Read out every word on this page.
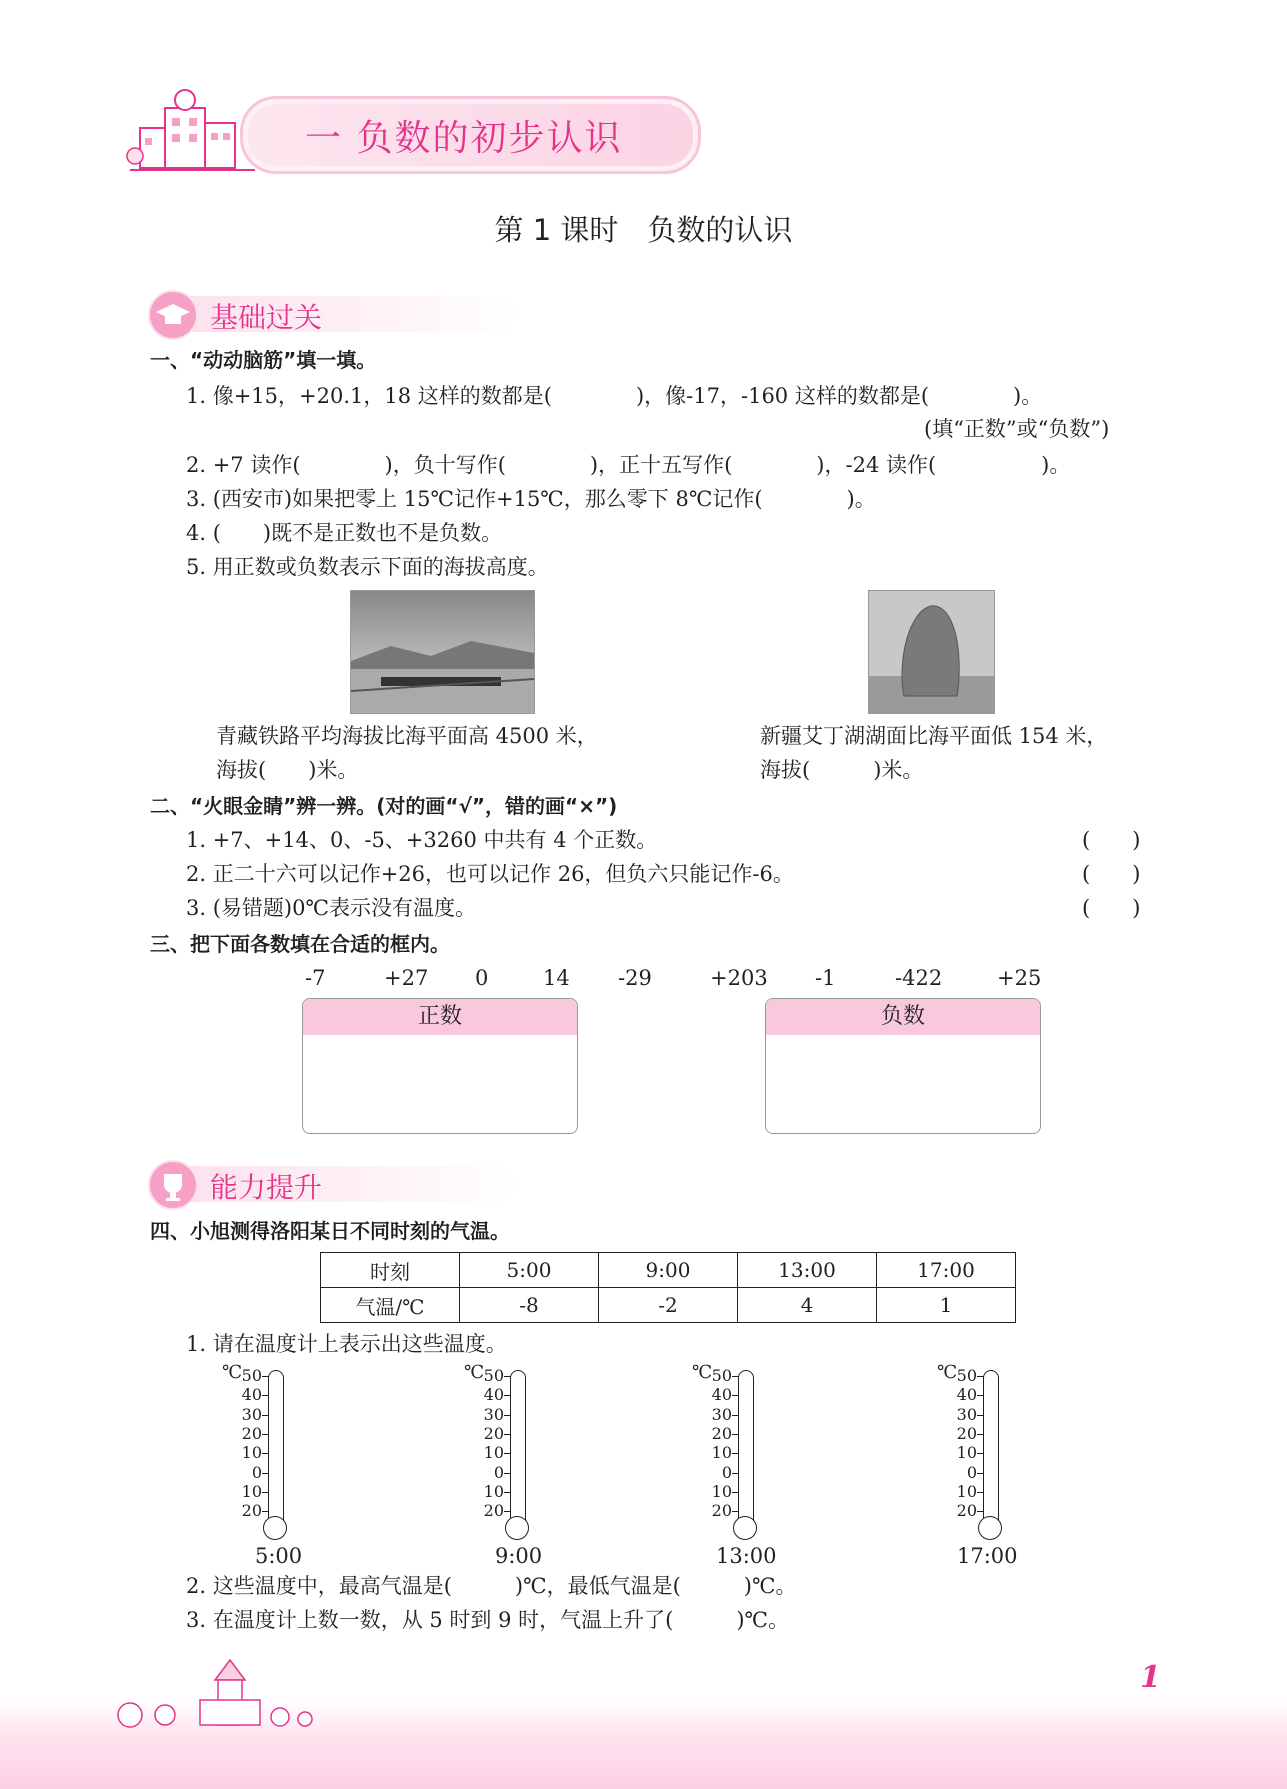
一 负数的初步认识
第 1 课时　负数的认识
基础过关
一、“动动脑筋”填一填。
1. 像+15，+20.1，18 这样的数都是(　　　　)，像-17，-160 这样的数都是(　　　　)。
(填“正数”或“负数”)
2. +7 读作(　　　　)，负十写作(　　　　)，正十五写作(　　　　)，-24 读作(　　　　　)。
3. (西安市)如果把零上 15℃记作+15℃，那么零下 8℃记作(　　　　)。
4. (　　)既不是正数也不是负数。
5. 用正数或负数表示下面的海拔高度。
青藏铁路平均海拔比海平面高 4500 米，
海拔(　　)米。
新疆艾丁湖湖面比海平面低 154 米，
海拔(　　　)米。
二、“火眼金睛”辨一辨。(对的画“√”，错的画“×”)
1. +7、+14、0、-5、+3260 中共有 4 个正数。
2. 正二十六可以记作+26，也可以记作 26，但负六只能记作-6。
3. (易错题)0℃表示没有温度。
(　　)
(　　)
(　　)
三、把下面各数填在合适的框内。
-7	+27 0	14 -29	+203 -1	-422	+25
正数	负数
能力提升
四、小旭测得洛阳某日不同时刻的气温。
时刻	5:00	9:00	13:00	17:00
气温/℃	-8	-2	4	1
1. 请在温度计上表示出这些温度。
℃ 50
40
30
20
10
0
10
20
℃ 50
40
30
20
10
0
10
20
℃ 50
40
30
20
10
0
10
20
℃ 50
40
30
20
10
0
10
20
5:00	9:00	13:00	17:00
2. 这些温度中，最高气温是(　　　)℃，最低气温是(　　　)℃。
3. 在温度计上数一数，从 5 时到 9 时，气温上升了(　　　)℃。
1
